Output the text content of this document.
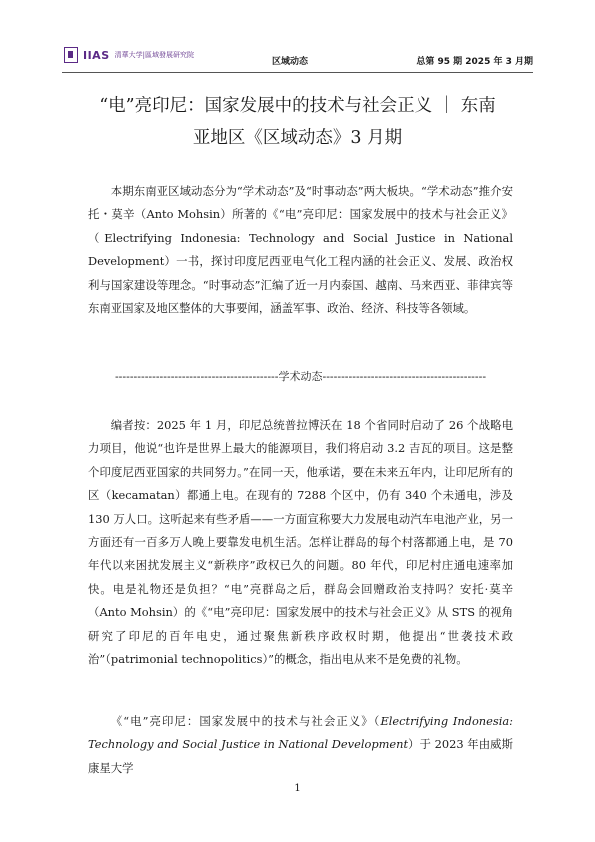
IIAS 清華大学|區域發展研究院
区域动态	总第 95 期 2025 年 3 月期
“电”亮印尼：国家发展中的技术与社会正义 ｜ 东南
亚地区《区域动态》3 月期

本期东南亚区域动态分为“学术动态”及“时事动态”两大板块。“学术动态”推介安托・莫辛（Anto Mohsin）所著的《“电”亮印尼：国家发展中的技术与社会正义》（Electrifying Indonesia: Technology and Social Justice in National Development）一书，探讨印度尼西亚电气化工程内涵的社会正义、发展、政治权利与国家建设等理念。“时事动态”汇编了近一月内泰国、越南、马来西亚、菲律宾等东南亚国家及地区整体的大事要闻，涵盖军事、政治、经济、科技等各领域。

--------------------------------------------学术动态--------------------------------------------

编者按：2025 年 1 月，印尼总统普拉博沃在 18 个省同时启动了 26 个战略电力项目，他说“也许是世界上最大的能源项目，我们将启动 3.2 吉瓦的项目。这是整个印度尼西亚国家的共同努力。”在同一天，他承诺，要在未来五年内，让印尼所有的区（kecamatan）都通上电。在现有的 7288 个区中，仍有 340 个未通电，涉及 130 万人口。这听起来有些矛盾——一方面宣称要大力发展电动汽车电池产业，另一方面还有一百多万人晚上要靠发电机生活。怎样让群岛的每个村落都通上电，是 70 年代以来困扰发展主义“新秩序”政权已久的问题。80 年代，印尼村庄通电速率加快。电是礼物还是负担？“电”亮群岛之后，群岛会回赠政治支持吗？安托·莫辛（Anto Mohsin）的《“电”亮印尼：国家发展中的技术与社会正义》从 STS 的视角研究了印尼的百年电史，通过聚焦新秩序政权时期，他提出“世袭技术政治”（patrimonial technopolitics）”的概念，指出电从来不是免费的礼物。

《“电”亮印尼：国家发展中的技术与社会正义》（Electrifying Indonesia: Technology and Social Justice in National Development）于 2023 年由威斯康星大学

1
